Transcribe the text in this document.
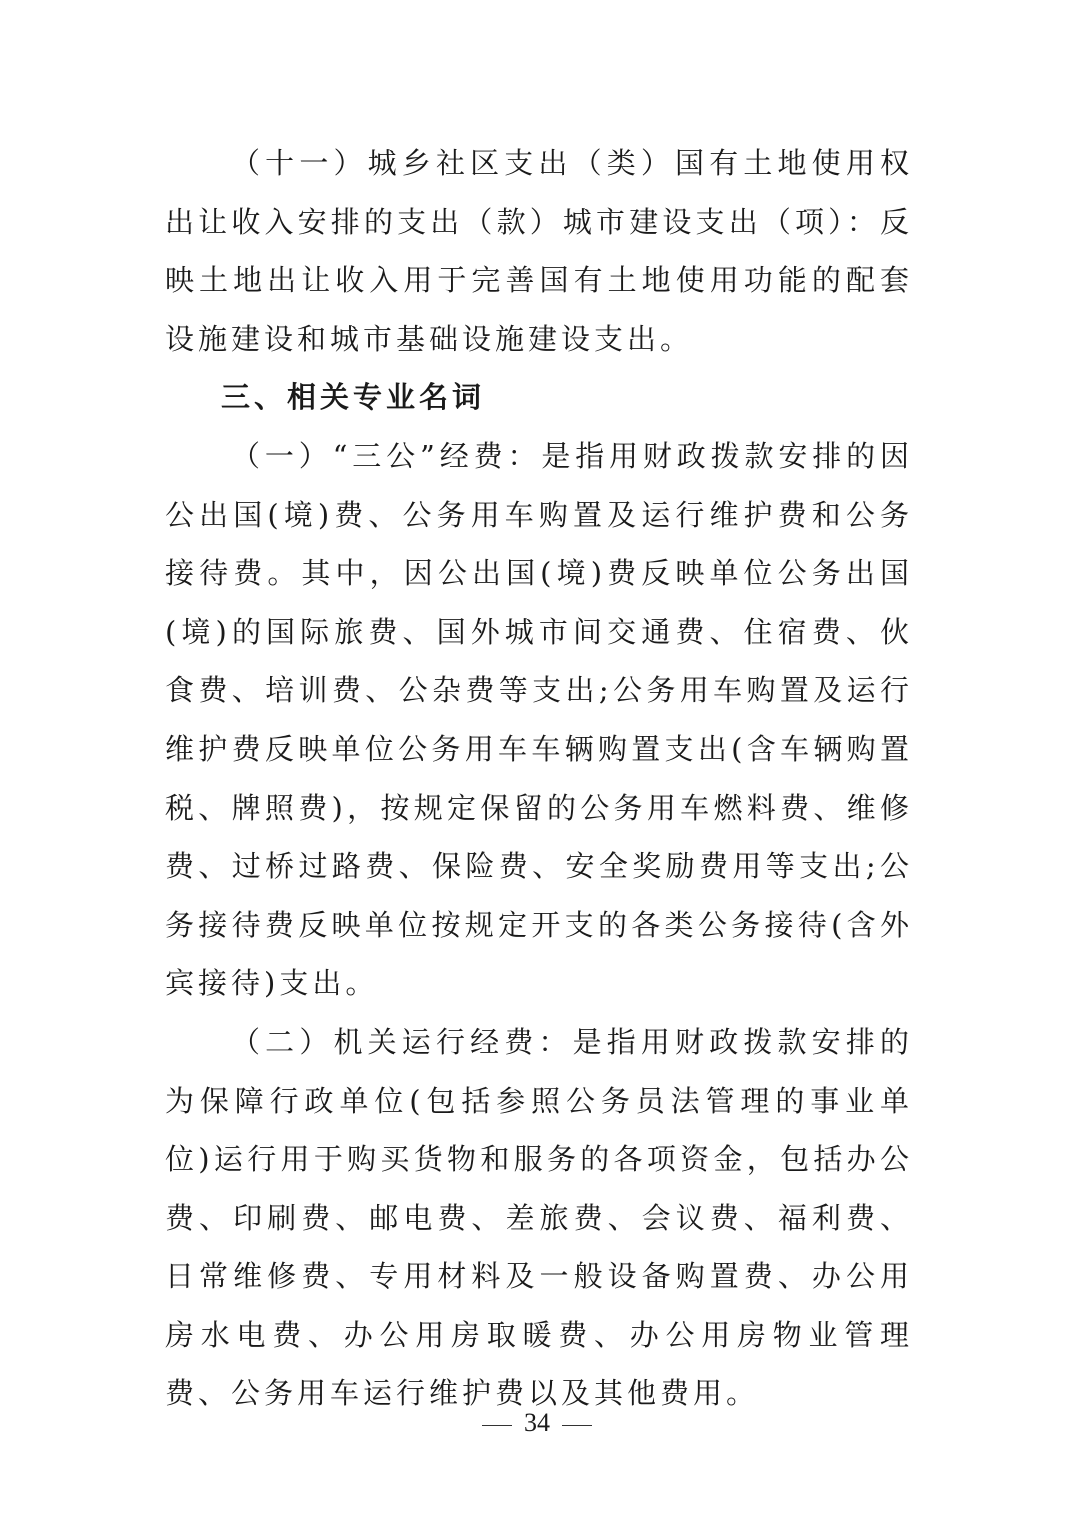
（十一）城乡社区支出（类）国有土地使用权出让收入安排的支出（款）城市建设支出（项）：反映土地出让收入用于完善国有土地使用功能的配套设施建设和城市基础设施建设支出。

三、相关专业名词

（一）“三公”经费：是指用财政拨款安排的因公出国(境)费、公务用车购置及运行维护费和公务接待费。其中，因公出国(境)费反映单位公务出国(境)的国际旅费、国外城市间交通费、住宿费、伙食费、培训费、公杂费等支出;公务用车购置及运行维护费反映单位公务用车车辆购置支出(含车辆购置税、牌照费)，按规定保留的公务用车燃料费、维修费、过桥过路费、保险费、安全奖励费用等支出;公务接待费反映单位按规定开支的各类公务接待(含外宾接待)支出。

（二）机关运行经费：是指用财政拨款安排的为保障行政单位(包括参照公务员法管理的事业单位)运行用于购买货物和服务的各项资金，包括办公费、印刷费、邮电费、差旅费、会议费、福利费、日常维修费、专用材料及一般设备购置费、办公用房水电费、办公用房取暖费、办公用房物业管理费、公务用车运行维护费以及其他费用。

34
